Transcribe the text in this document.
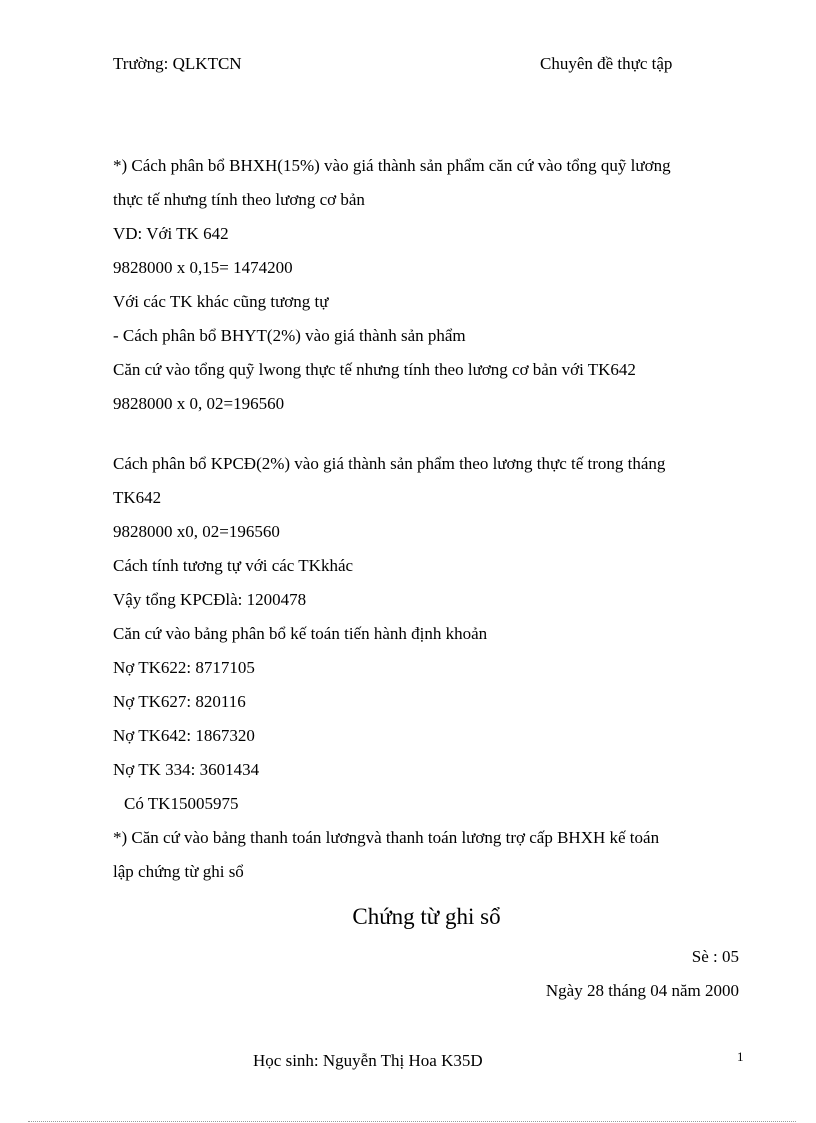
Trường: QLKTCN	Chuyên đề thực tập
*) Cách phân bổ BHXH(15%) vào giá thành sản phẩm căn cứ vào tổng quỹ lương
thực tế nhưng tính theo lương cơ bản
VD: Với TK 642
9828000 x 0,15= 1474200
Với các TK khác cũng tương tự
- Cách phân bổ BHYT(2%) vào giá thành sản phẩm
Căn cứ vào tổng quỹ lwong thực tế nhưng tính theo lương cơ bản với TK642
9828000 x 0, 02=196560
Cách phân bổ KPCĐ(2%) vào giá thành sản phẩm theo lương thực tế trong tháng
TK642
9828000 x0, 02=196560
Cách tính tương tự với các TKkhác
Vậy tổng KPCĐlà: 1200478
Căn cứ vào bảng phân bổ kế toán tiến hành định khoản
Nợ TK622: 8717105
Nợ TK627: 820116
Nợ TK642: 1867320
Nợ TK 334: 3601434
Có TK15005975
*) Căn cứ vào bảng thanh toán lươngvà thanh toán lương trợ cấp BHXH kế toán
lập chứng từ ghi sổ
Chứng từ ghi sổ
Sè : 05
Ngày 28 tháng 04 năm 2000
Học sinh: Nguyễn Thị Hoa K35D	1
